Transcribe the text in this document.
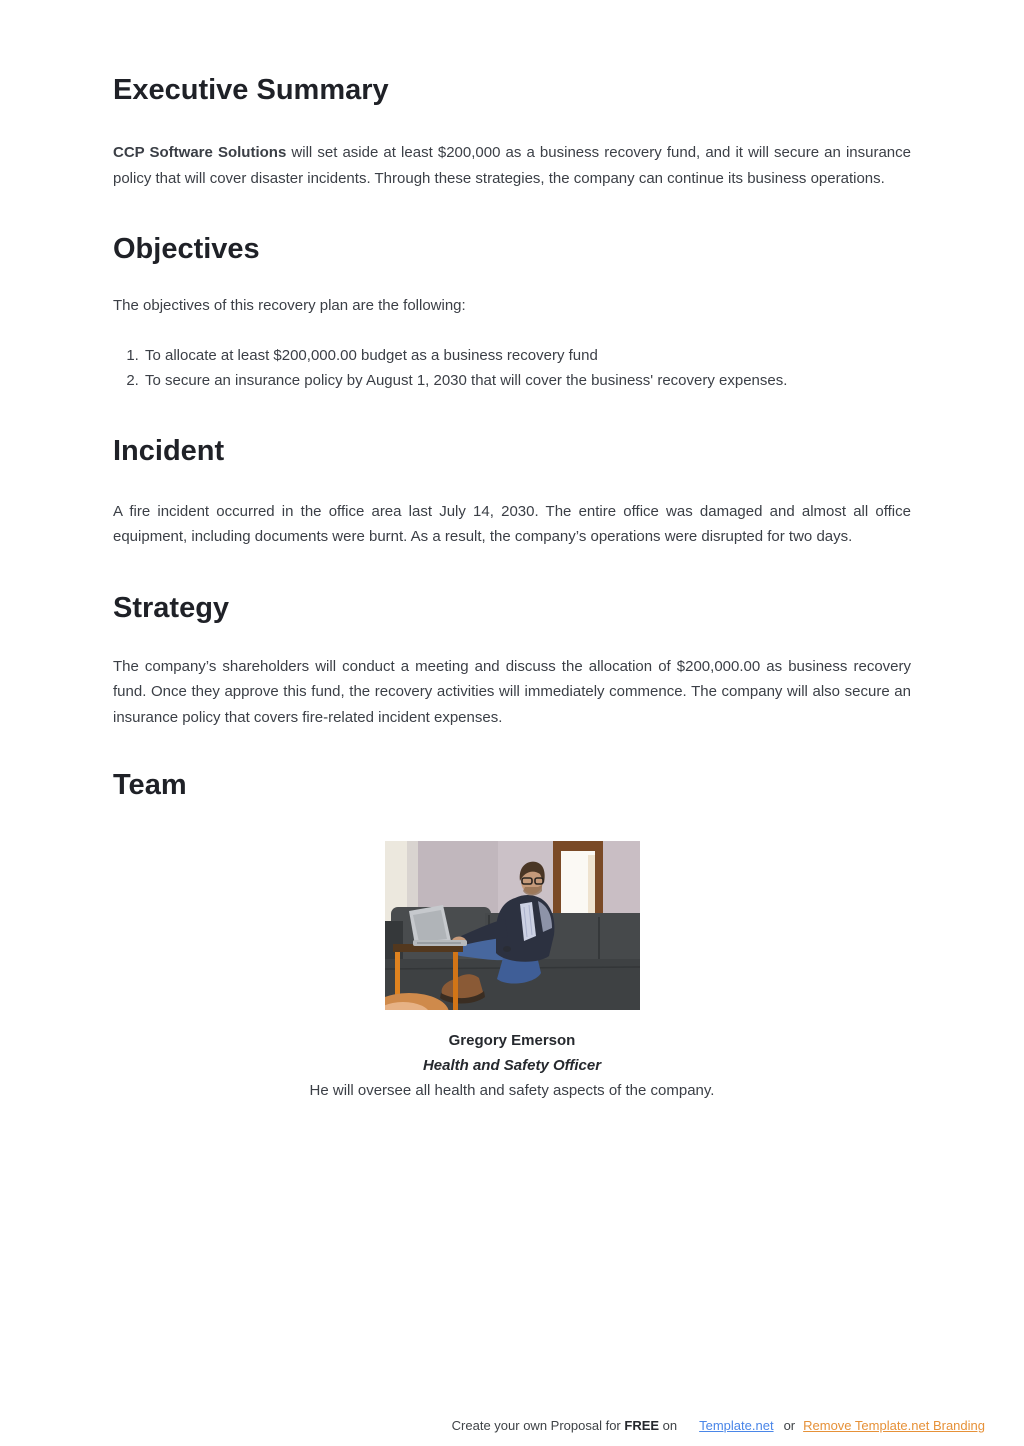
Executive Summary

CCP Software Solutions will set aside at least $200,000 as a business recovery fund, and it will secure an insurance policy that will cover disaster incidents. Through these strategies, the company can continue its business operations.

Objectives

The objectives of this recovery plan are the following:

1. To allocate at least $200,000.00 budget as a business recovery fund
2. To secure an insurance policy by August 1, 2030 that will cover the business' recovery expenses.
Incident

A fire incident occurred in the office area last July 14, 2030. The entire office was damaged and almost all office equipment, including documents were burnt. As a result, the company’s operations were disrupted for two days.

Strategy

The company’s shareholders will conduct a meeting and discuss the allocation of $200,000.00 as business recovery fund. Once they approve this fund, the recovery activities will immediately commence. The company will also secure an insurance policy that covers fire-related incident expenses.

Team
Gregory Emerson
Health and Safety Officer
He will oversee all health and safety aspects of the company.
Create your own Proposal for FREE on Template.net or Remove Template.net Branding
